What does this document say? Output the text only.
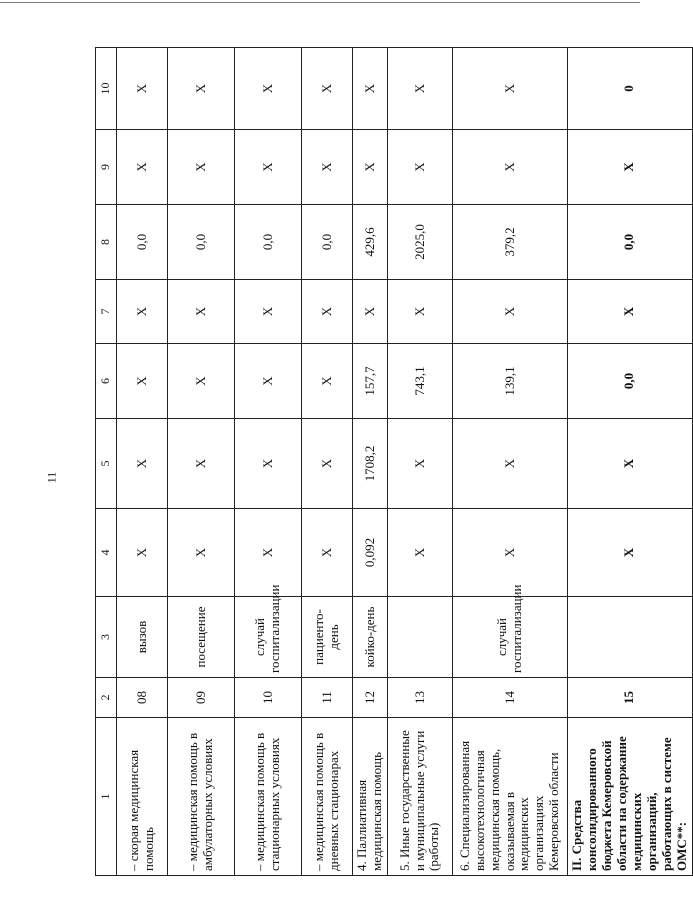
11
1	2	3	4	5	6	7	8	9	10
– скорая медицинская помощь	08	вызов	Х	Х	Х	Х	0,0	Х	Х
– медицинская помощь в амбулаторных условиях	09	посещение	Х	Х	Х	Х	0,0	Х	Х
– медицинская помощь в стационарных условиях	10	случай госпитализации	Х	Х	Х	Х	0,0	Х	Х
– медицинская помощь в дневных стационарах	11	пациенто-день	Х	Х	Х	Х	0,0	Х	Х
4. Паллиативная медицинская помощь	12	койко-день	0,092	1708,2	157,7	Х	429,6	Х	Х
5. Иные государственные и муниципальные услуги (работы)	13		Х	Х	743,1	Х	2025,0	Х	Х
6. Специализированная высокотехнологичная медицинская помощь, оказываемая в медицинских организациях Кемеровской области	14	случай госпитализации	Х	Х	139,1	Х	379,2	Х	Х
II. Средства консолидированного бюджета Кемеровской области на содержание медицинских организаций, работающих в системе ОМС**:	15		Х	Х	0,0	Х	0,0	Х	0
